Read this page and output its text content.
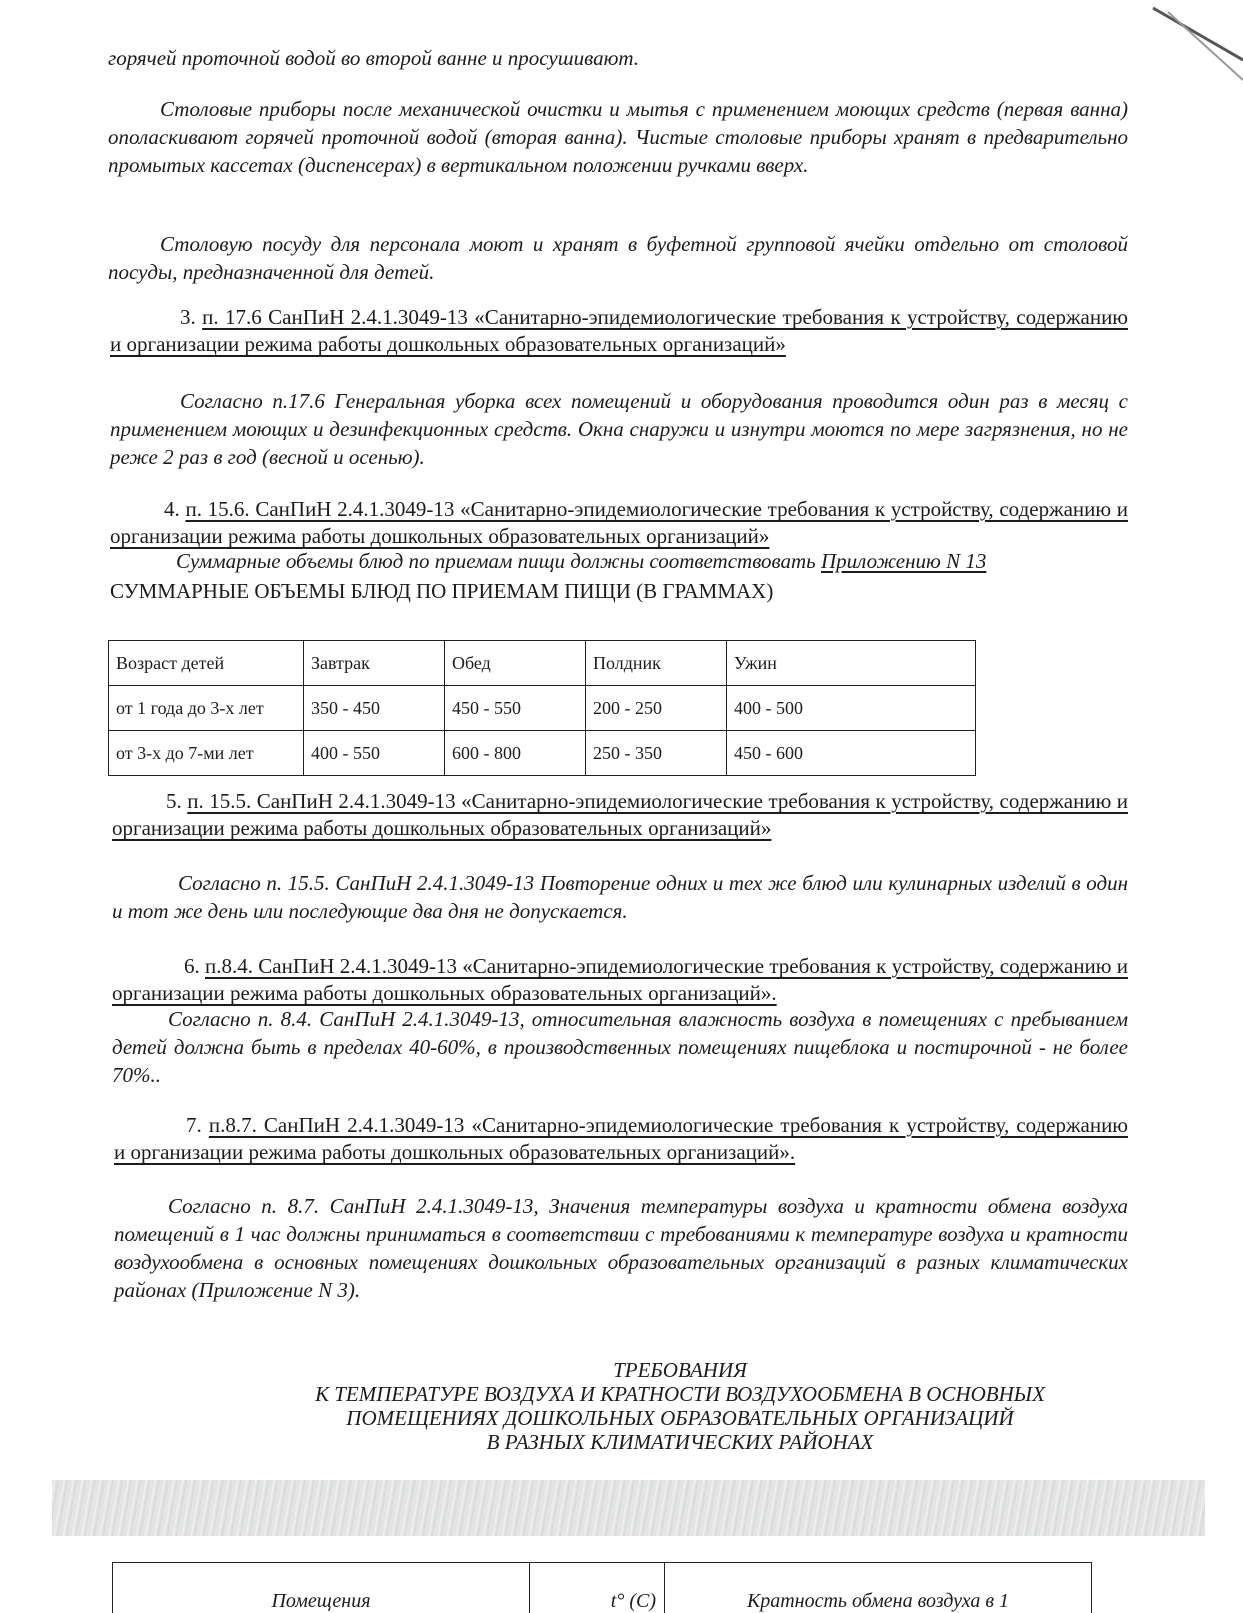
горячей проточной водой во второй ванне и просушивают.

Столовые приборы после механической очистки и мытья с применением моющих средств (первая ванна) ополаскивают горячей проточной водой (вторая ванна). Чистые столовые приборы хранят в предварительно промытых кассетах (диспенсерах) в вертикальном положении ручками вверх.

Столовую посуду для персонала моют и хранят в буфетной групповой ячейки отдельно от столовой посуды, предназначенной для детей.

3. п. 17.6 СанПиН 2.4.1.3049-13 «Санитарно-эпидемиологические требования к устройству, содержанию и организации режима работы дошкольных образовательных организаций»

Согласно п.17.6 Генеральная уборка всех помещений и оборудования проводится один раз в месяц с применением моющих и дезинфекционных средств. Окна снаружи и изнутри моются по мере загрязнения, но не реже 2 раз в год (весной и осенью).

4. п. 15.6. СанПиН 2.4.1.3049-13 «Санитарно-эпидемиологические требования к устройству, содержанию и организации режима работы дошкольных образовательных организаций»

Суммарные объемы блюд по приемам пищи должны соответствовать Приложению N 13

СУММАРНЫЕ ОБЪЕМЫ БЛЮД ПО ПРИЕМАМ ПИЩИ (В ГРАММАХ)

Возраст детей	Завтрак	Обед	Полдник	Ужин
от 1 года до 3-х лет	350 - 450	450 - 550	200 - 250	400 - 500
от 3-х до 7-ми лет	400 - 550	600 - 800	250 - 350	450 - 600

5. п. 15.5. СанПиН 2.4.1.3049-13 «Санитарно-эпидемиологические требования к устройству, содержанию и организации режима работы дошкольных образовательных организаций»

Согласно п. 15.5. СанПиН 2.4.1.3049-13 Повторение одних и тех же блюд или кулинарных изделий в один и тот же день или последующие два дня не допускается.

6. п.8.4. СанПиН 2.4.1.3049-13 «Санитарно-эпидемиологические требования к устройству, содержанию и организации режима работы дошкольных образовательных организаций».

Согласно п. 8.4. СанПиН 2.4.1.3049-13, относительная влажность воздуха в помещениях с пребыванием детей должна быть в пределах 40-60%, в производственных помещениях пищеблока и постирочной - не более 70%..

7. п.8.7. СанПиН 2.4.1.3049-13 «Санитарно-эпидемиологические требования к устройству, содержанию и организации режима работы дошкольных образовательных организаций».

Согласно п. 8.7. СанПиН 2.4.1.3049-13, Значения температуры воздуха и кратности обмена воздуха помещений в 1 час должны приниматься в соответствии с требованиями к температуре воздуха и кратности воздухообмена в основных помещениях дошкольных образовательных организаций в разных климатических районах (Приложение N 3).

ТРЕБОВАНИЯ
К ТЕМПЕРАТУРЕ ВОЗДУХА И КРАТНОСТИ ВОЗДУХООБМЕНА В ОСНОВНЫХ
ПОМЕЩЕНИЯХ ДОШКОЛЬНЫХ ОБРАЗОВАТЕЛЬНЫХ ОРГАНИЗАЦИЙ
В РАЗНЫХ КЛИМАТИЧЕСКИХ РАЙОНАХ
Помещения	t° (C)	Кратность обмена воздуха в 1
